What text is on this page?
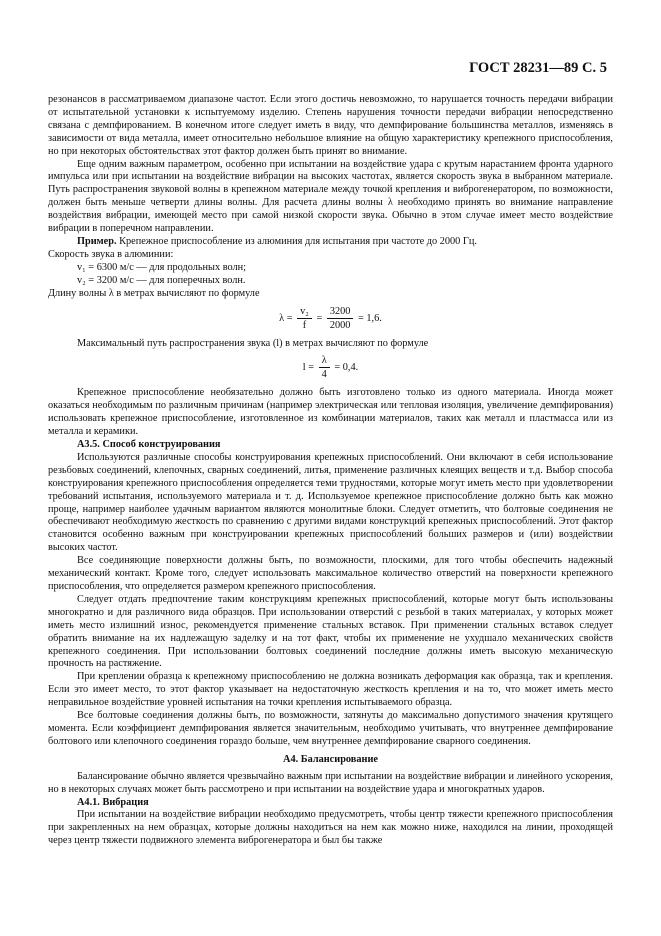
ГОСТ 28231—89 С. 5

резонансов в рассматриваемом диапазоне частот. Если этого достичь невозможно, то нарушается точность передачи вибрации от испытательной установки к испытуемому изделию. Степень нарушения точности передачи вибрации непосредственно связана с демпфированием. В конечном итоге следует иметь в виду, что демпфирование большинства металлов, изменяясь в зависимости от вида металла, имеет относительно небольшое влияние на общую характеристику крепежного приспособления, но при некоторых обстоятельствах этот фактор должен быть принят во внимание.

Еще одним важным параметром, особенно при испытании на воздействие удара с крутым нарастанием фронта ударного импульса или при испытании на воздействие вибрации на высоких частотах, является скорость звука в выбранном материале. Путь распространения звуковой волны в крепежном материале между точкой крепления и виброгенератором, по возможности, должен быть меньше четверти длины волны. Для расчета длины волны λ необходимо принять во внимание направление воздействия вибрации, имеющей место при самой низкой скорости звука. Обычно в этом случае имеет место воздействие вибрации в поперечном направлении.

Пример. Крепежное приспособление из алюминия для испытания при частоте до 2000 Гц.

Скорость звука в алюминии:

v₁ = 6300 м/с — для продольных волн;

v₂ = 3200 м/с — для поперечных волн.

Длину волны λ в метрах вычисляют по формуле

$\lambda = \frac{\text{v₂}}{f} = \frac{3200}{2000} = 1,6$.

Максимальный путь распространения звука (l) в метрах вычисляют по формуле

$l = \frac{\lambda}{4} = 0,4$.

Крепежное приспособление необязательно должно быть изготовлено только из одного материала. Иногда может оказаться необходимым по различным причинам (например электрическая или тепловая изоляция, увеличение демпфирования) использовать крепежное приспособление, изготовленное из комбинации материалов, таких как металл и пластмасса или из металла и керамики.

А3.5. Способ конструирования

Используются различные способы конструирования крепежных приспособлений. Они включают в себя использование резьбовых соединений, клепочных, сварных соединений, литья, применение различных клеящих веществ и т.д. Выбор способа конструирования крепежного приспособления определяется теми трудностями, которые могут иметь место при удовлетворении требований испытания, используемого материала и т. д. Используемое крепежное приспособление должно быть как можно проще, например наиболее удачным вариантом являются монолитные блоки. Следует отметить, что болтовые соединения не обеспечивают необходимую жесткость по сравнению с другими видами конструкций крепежных приспособлений. Этот фактор становится особенно важным при конструировании крепежных приспособлений больших размеров и (или) воздействии высоких частот.

Все соединяющие поверхности должны быть, по возможности, плоскими, для того чтобы обеспечить надежный механический контакт. Кроме того, следует использовать максимальное количество отверстий на поверхности крепежного приспособления, что определяется размером крепежного приспособления.

Следует отдать предпочтение таким конструкциям крепежных приспособлений, которые могут быть использованы многократно и для различного вида образцов. При использовании отверстий с резьбой в таких материалах, у которых может иметь место излишний износ, рекомендуется применение стальных вставок. При применении стальных вставок следует обратить внимание на их надлежащую заделку и на тот факт, чтобы их применение не ухудшало механических свойств крепежного соединения. При использовании болтовых соединений последние должны иметь высокую механическую прочность на растяжение.

При креплении образца к крепежному приспособлению не должна возникать деформация как образца, так и крепления. Если это имеет место, то этот фактор указывает на недостаточную жесткость крепления и на то, что может иметь место неправильное воздействие уровней испытания на точки крепления испытываемого образца.

Все болтовые соединения должны быть, по возможности, затянуты до максимально допустимого значения крутящего момента. Если коэффициент демпфирования является значительным, необходимо учитывать, что внутреннее демпфирование болтового или клепочного соединения гораздо больше, чем внутреннее демпфирование сварного соединения.

А4. Балансирование

Балансирование обычно является чрезвычайно важным при испытании на воздействие вибрации и линейного ускорения, но в некоторых случаях может быть рассмотрено и при испытании на воздействие удара и многократных ударов.

А4.1. Вибрация

При испытании на воздействие вибрации необходимо предусмотреть, чтобы центр тяжести крепежного приспособления при закрепленных на нем образцах, которые должны находиться на нем как можно ниже, находился на линии, проходящей через центр тяжести подвижного элемента виброгенератора и был бы также
